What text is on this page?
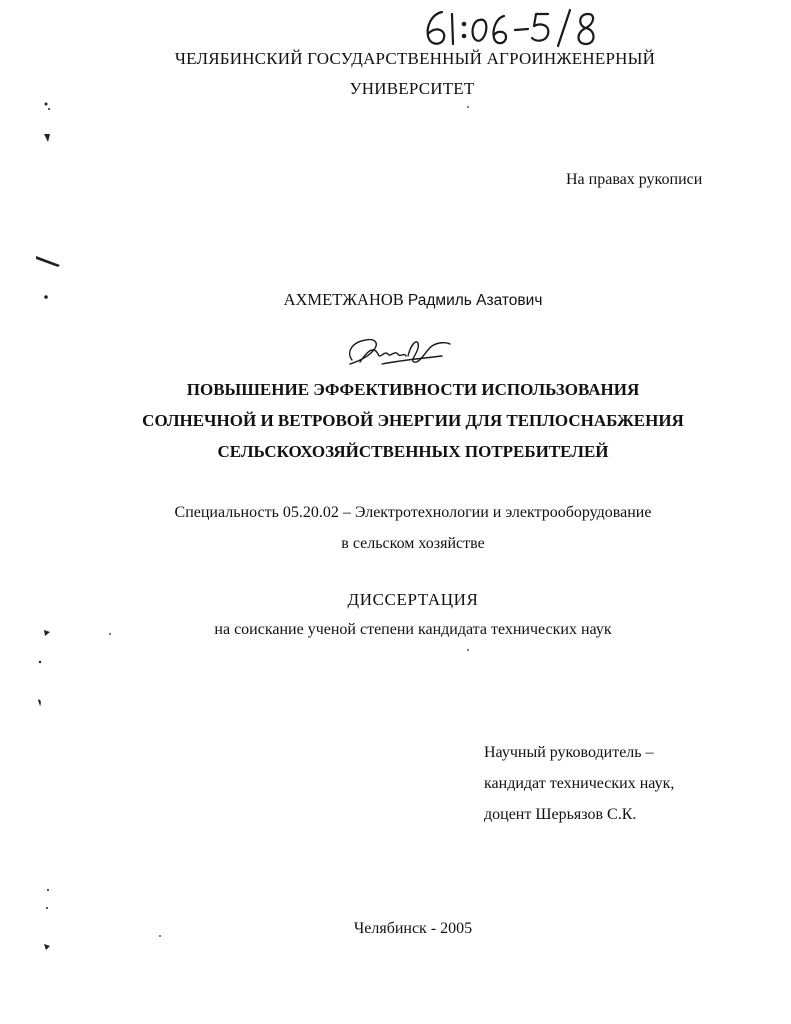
ЧЕЛЯБИНСКИЙ ГОСУДАРСТВЕННЫЙ АГРОИНЖЕНЕРНЫЙ
УНИВЕРСИТЕТ
На правах рукописи
АХМЕТЖАНОВ Радмиль Азатович
ПОВЫШЕНИЕ ЭФФЕКТИВНОСТИ ИСПОЛЬЗОВАНИЯ
СОЛНЕЧНОЙ И ВЕТРОВОЙ ЭНЕРГИИ ДЛЯ ТЕПЛОСНАБЖЕНИЯ
СЕЛЬСКОХОЗЯЙСТВЕННЫХ ПОТРЕБИТЕЛЕЙ
Специальность 05.20.02 – Электротехнологии и электрооборудование
в сельском хозяйстве
ДИССЕРТАЦИЯ
на соискание ученой степени кандидата технических наук
Научный руководитель –
кандидат технических наук,
доцент Шерьязов С.К.
Челябинск - 2005
